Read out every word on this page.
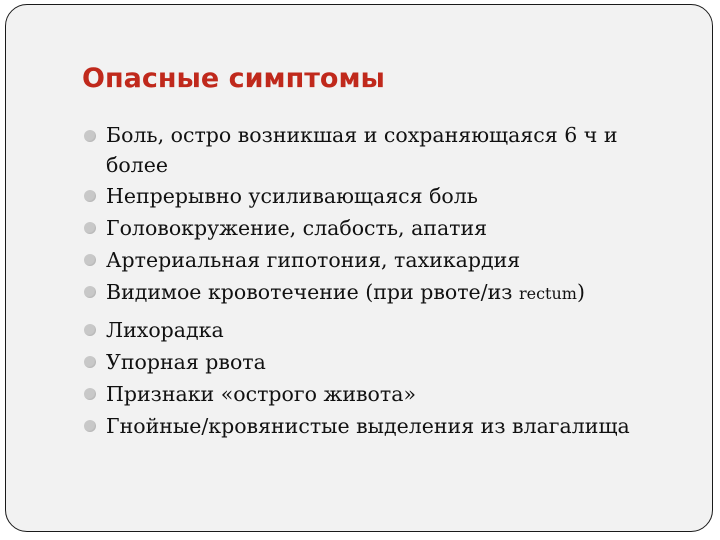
Опасные симптомы
Боль, остро возникшая и сохраняющаяся 6 ч и
более
Непрерывно усиливающаяся боль
Головокружение, слабость, апатия
Артериальная гипотония, тахикардия
Видимое кровотечение (при рвоте/из rectum)
Лихорадка
Упорная рвота
Признаки «острого живота»
Гнойные/кровянистые выделения из влагалища
